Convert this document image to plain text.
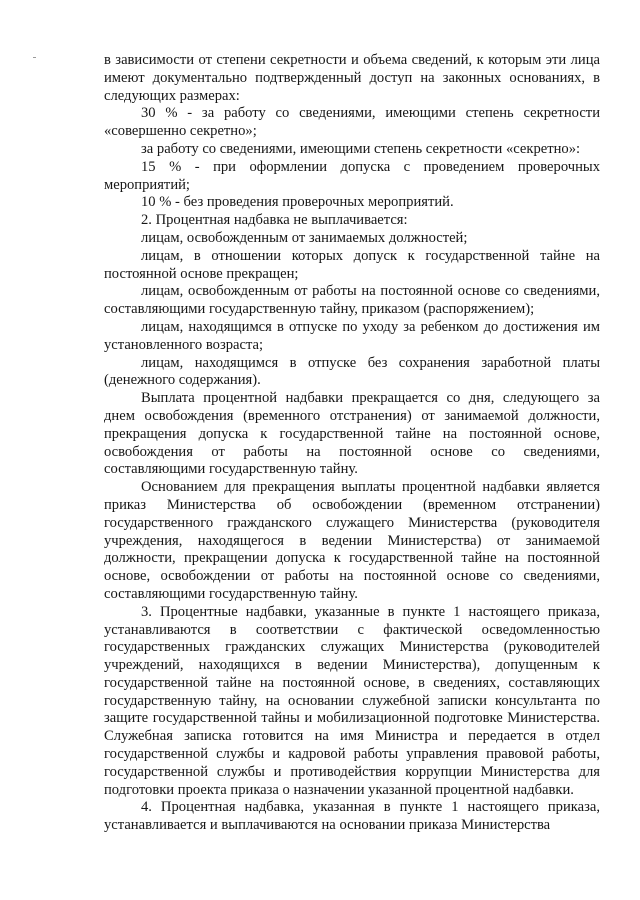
в зависимости от степени секретности и объема сведений, к которым эти лица имеют документально подтвержденный доступ на законных основаниях, в следующих размерах:

30 % - за работу со сведениями, имеющими степень секретности «совершенно секретно»;

за работу со сведениями, имеющими степень секретности «секретно»:

15 % - при оформлении допуска с проведением проверочных мероприятий;

10 % - без проведения проверочных мероприятий.

2. Процентная надбавка не выплачивается:

лицам, освобожденным от занимаемых должностей;

лицам, в отношении которых допуск к государственной тайне на постоянной основе прекращен;

лицам, освобожденным от работы на постоянной основе со сведениями, составляющими государственную тайну, приказом (распоряжением);

лицам, находящимся в отпуске по уходу за ребенком до достижения им установленного возраста;

лицам, находящимся в отпуске без сохранения заработной платы (денежного содержания).

Выплата процентной надбавки прекращается со дня, следующего за днем освобождения (временного отстранения) от занимаемой должности, прекращения допуска к государственной тайне на постоянной основе, освобождения от работы на постоянной основе со сведениями, составляющими государственную тайну.

Основанием для прекращения выплаты процентной надбавки является приказ Министерства об освобождении (временном отстранении) государственного гражданского служащего Министерства (руководителя учреждения, находящегося в ведении Министерства) от занимаемой должности, прекращении допуска к государственной тайне на постоянной основе, освобождении от работы на постоянной основе со сведениями, составляющими государственную тайну.

3. Процентные надбавки, указанные в пункте 1 настоящего приказа, устанавливаются в соответствии с фактической осведомленностью государственных гражданских служащих Министерства (руководителей учреждений, находящихся в ведении Министерства), допущенным к государственной тайне на постоянной основе, в сведениях, составляющих государственную тайну, на основании служебной записки консультанта по защите государственной тайны и мобилизационной подготовке Министерства. Служебная записка готовится на имя Министра и передается в отдел государственной службы и кадровой работы управления правовой работы, государственной службы и противодействия коррупции Министерства для подготовки проекта приказа о назначении указанной процентной надбавки.

4. Процентная надбавка, указанная в пункте 1 настоящего приказа, устанавливается и выплачиваются на основании приказа Министерства
